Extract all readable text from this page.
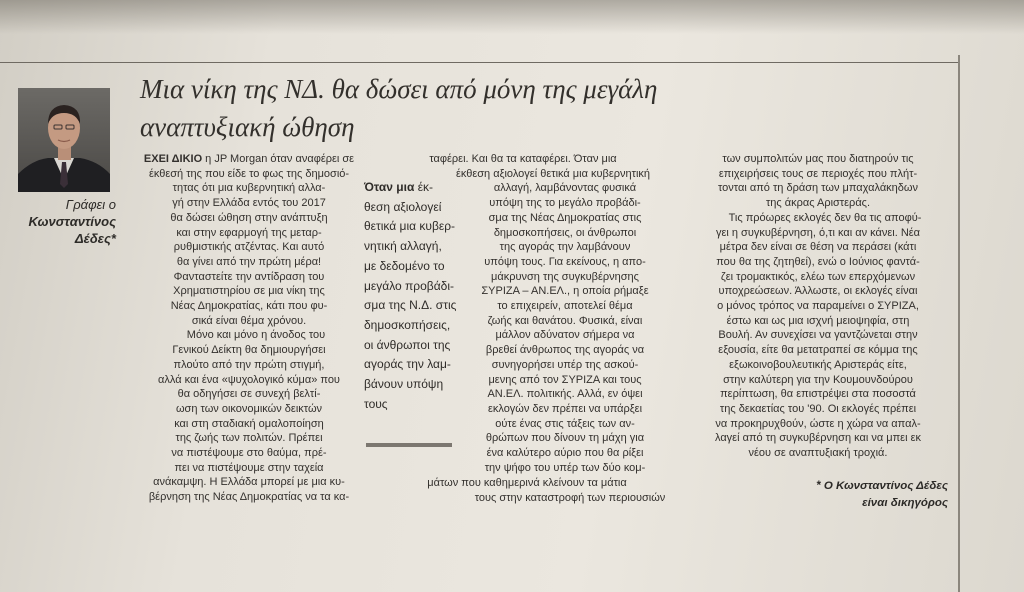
Μια νίκη της ΝΔ. θα δώσει από μόνη της μεγάλη
αναπτυξιακή ώθηση
Γράφει ο
Κωνσταντίνος
Δέδες*
ΕΧΕΙ ΔΙΚΙΟ η JP Morgan όταν αναφέρει σε
έκθεσή της που είδε το φως της δημοσιό-
τητας ότι μια κυβερνητική αλλα-
γή στην Ελλάδα εντός του 2017
θα δώσει ώθηση στην ανάπτυξη
και στην εφαρμογή της μεταρ-
ρυθμιστικής ατζέντας. Και αυτό
θα γίνει από την πρώτη μέρα!
Φανταστείτε την αντίδραση του
Χρηματιστηρίου σε μια νίκη της
Νέας Δημοκρατίας, κάτι που φυ-
σικά είναι θέμα χρόνου.
Μόνο και μόνο η άνοδος του
Γενικού Δείκτη θα δημιουργήσει
πλούτο από την πρώτη στιγμή,
αλλά και ένα «ψυχολογικό κύμα» που
θα οδηγήσει σε συνεχή βελτί-
ωση των οικονομικών δεικτών
και στη σταδιακή ομαλοποίηση
της ζωής των πολιτών. Πρέπει
να πιστέψουμε στο θαύμα, πρέ-
πει να πιστέψουμε στην ταχεία
ανάκαμψη. Η Ελλάδα μπορεί με μια κυ-
βέρνηση της Νέας Δημοκρατίας να τα κα-
ταφέρει. Και θα τα καταφέρει. Όταν μια
έκθεση αξιολογεί θετικά μια κυβερνητική
Όταν μια έκ-
θεση αξιολογεί
θετικά μια κυβερ-
νητική αλλαγή,
με δεδομένο το
μεγάλο προβάδι-
σμα της Ν.Δ. στις
δημοσκοπήσεις,
οι άνθρωποι της
αγοράς την λαμ-
βάνουν υπόψη
τους
αλλαγή, λαμβάνοντας φυσικά
υπόψη της το μεγάλο προβάδι-
σμα της Νέας Δημοκρατίας στις
δημοσκοπήσεις, οι άνθρωποι
της αγοράς την λαμβάνουν
υπόψη τους. Για εκείνους, η απο-
μάκρυνση της συγκυβέρνησης
ΣΥΡΙΖΑ – ΑΝ.ΕΛ., η οποία ρήμαξε
το επιχειρείν, αποτελεί θέμα
ζωής και θανάτου. Φυσικά, είναι
μάλλον αδύνατον σήμερα να
βρεθεί άνθρωπος της αγοράς να
συνηγορήσει υπέρ της ασκού-
μενης από τον ΣΥΡΙΖΑ και τους
ΑΝ.ΕΛ. πολιτικής. Αλλά, εν όψει
εκλογών δεν πρέπει να υπάρξει
ούτε ένας στις τάξεις των αν-
θρώπων που δίνουν τη μάχη για
ένα καλύτερο αύριο που θα ρίξει
την ψήφο του υπέρ των δύο κομ-
μάτων που καθημερινά κλείνουν τα μάτια
τους στην καταστροφή των περιουσιών
των συμπολιτών μας που διατηρούν τις
επιχειρήσεις τους σε περιοχές που πλήτ-
τονται από τη δράση των μπαχαλάκηδων
της άκρας Αριστεράς.
Τις πρόωρες εκλογές δεν θα τις αποφύ-
γει η συγκυβέρνηση, ό,τι και αν κάνει. Νέα
μέτρα δεν είναι σε θέση να περάσει (κάτι
που θα της ζητηθεί), ενώ ο Ιούνιος φαντά-
ζει τρομακτικός, ελέω των επερχόμενων
υποχρεώσεων. Άλλωστε, οι εκλογές είναι
ο μόνος τρόπος να παραμείνει ο ΣΥΡΙΖΑ,
έστω και ως μια ισχνή μειοψηφία, στη
Βουλή. Αν συνεχίσει να γαντζώνεται στην
εξουσία, είτε θα μετατραπεί σε κόμμα της
εξωκοινοβουλευτικής Αριστεράς είτε,
στην καλύτερη για την Κουμουνδούρου
περίπτωση, θα επιστρέψει στα ποσοστά
της δεκαετίας του '90. Οι εκλογές πρέπει
να προκηρυχθούν, ώστε η χώρα να απαλ-
λαγεί από τη συγκυβέρνηση και να μπει εκ
νέου σε αναπτυξιακή τροχιά.
* Ο Κωνσταντίνος Δέδες
είναι δικηγόρος
